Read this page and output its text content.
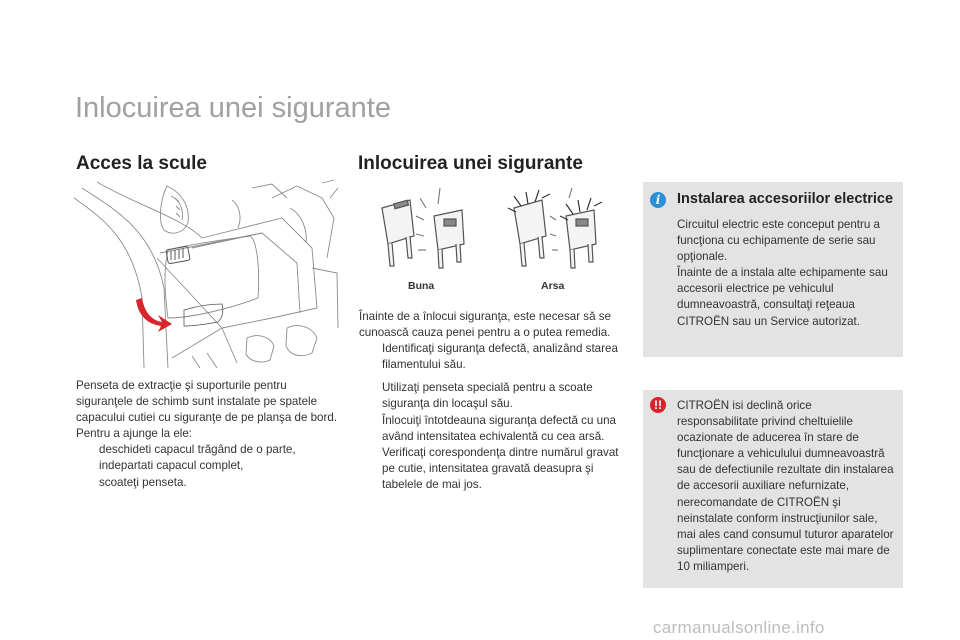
Inlocuirea unei sigurante
Acces la scule	Inlocuirea unei sigurante

Penseta de extracţie şi suporturile pentru siguranţele de schimb sunt instalate pe spatele capacului cutiei cu siguranţe de pe planşa de bord.

Pentru a ajunge la ele:

deschideti capacul trăgând de o parte,

indepartati capacul complet,

scoateţi penseta.

Buna	Arsa

Înainte de a înlocui siguranţa, este necesar să se cunoască cauza penei pentru a o putea remedia.

Identificaţi siguranţa defectă, analizând starea filamentului său.

Utilizaţi penseta specială pentru a scoate siguranţa din locaşul său.

Înlocuiţi întotdeauna siguranţa defectă cu una având intensitatea echivalentă cu cea arsă.

Verificaţi corespondenţa dintre numărul gravat pe cutie, intensitatea gravată deasupra şi tabelele de mai jos.

Instalarea accesoriilor electrice

Circuitul electric este conceput pentru a funcţiona cu echipamente de serie sau opţionale.

Înainte de a instala alte echipamente sau accesorii electrice pe vehiculul dumneavoastră, consultaţi reţeaua CITROËN sau un Service autorizat.

i

CITROËN isi declină orice responsabilitate privind cheltuielile ocazionate de aducerea în stare de funcţionare a vehiculului dumneavoastră sau de defectiunile rezultate din instalarea de accesorii auxiliare nefurnizate, nerecomandate de CITROËN şi neinstalate conform instrucţiunilor sale, mai ales cand consumul tuturor aparatelor suplimentare conectate este mai mare de 10 miliamperi.

!!
carmanualsonline.info
